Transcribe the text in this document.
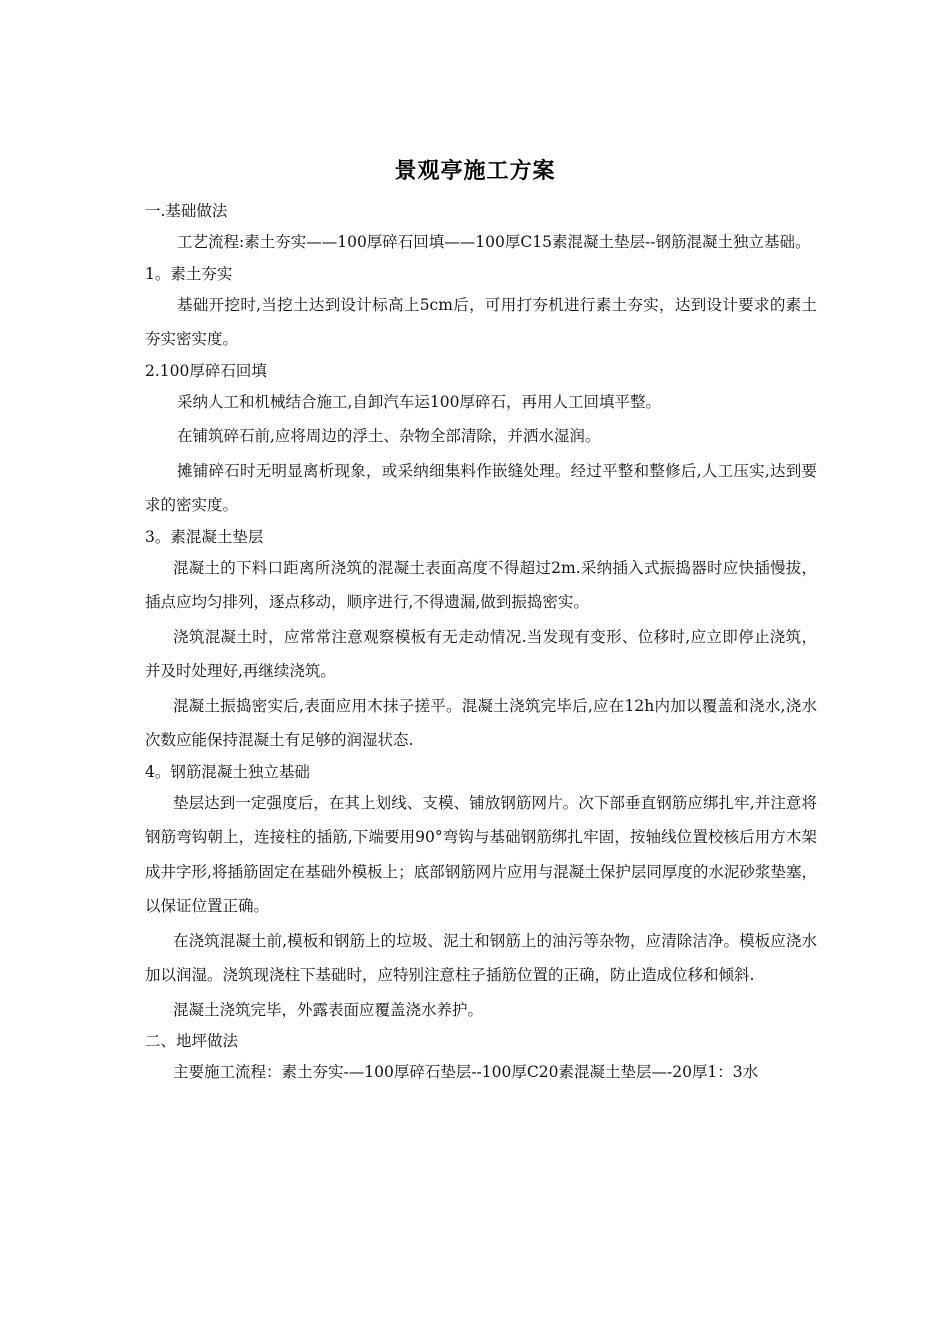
景观亭施工方案

一.基础做法

工艺流程:素土夯实——100厚碎石回填——100厚C15素混凝土垫层--钢筋混凝土独立基础。

1。素土夯实

基础开挖时,当挖土达到设计标高上5cm后，可用打夯机进行素土夯实，达到设计要求的素土夯实密实度。

2.100厚碎石回填

采纳人工和机械结合施工,自卸汽车运100厚碎石，再用人工回填平整。

在铺筑碎石前,应将周边的浮土、杂物全部清除，并洒水湿润。

摊铺碎石时无明显离析现象，或采纳细集料作嵌缝处理。经过平整和整修后,人工压实,达到要求的密实度。

3。素混凝土垫层

混凝土的下料口距离所浇筑的混凝土表面高度不得超过2m.采纳插入式振捣器时应快插慢拔，插点应均匀排列，逐点移动，顺序进行,不得遗漏,做到振捣密实。

浇筑混凝土时，应常常注意观察模板有无走动情况.当发现有变形、位移时,应立即停止浇筑，并及时处理好,再继续浇筑。

混凝土振捣密实后,表面应用木抹子搓平。混凝土浇筑完毕后,应在12h内加以覆盖和浇水,浇水次数应能保持混凝土有足够的润湿状态.

4。钢筋混凝土独立基础

垫层达到一定强度后，在其上划线、支模、铺放钢筋网片。次下部垂直钢筋应绑扎牢,并注意将钢筋弯钩朝上，连接柱的插筋,下端要用90°弯钩与基础钢筋绑扎牢固，按轴线位置校核后用方木架成井字形,将插筋固定在基础外模板上；底部钢筋网片应用与混凝土保护层同厚度的水泥砂浆垫塞，以保证位置正确。

在浇筑混凝土前,模板和钢筋上的垃圾、泥土和钢筋上的油污等杂物，应清除洁净。模板应浇水加以润湿。浇筑现浇柱下基础时，应特别注意柱子插筋位置的正确，防止造成位移和倾斜.

混凝土浇筑完毕，外露表面应覆盖浇水养护。

二、地坪做法

主要施工流程：素土夯实-—100厚碎石垫层--100厚C20素混凝土垫层—-20厚1：3水
